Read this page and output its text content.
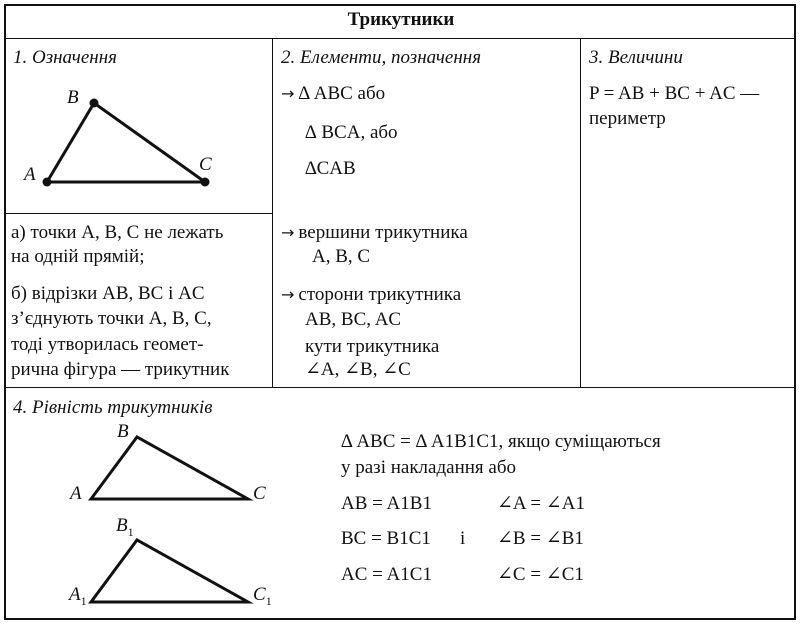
Трикутники
1. Означення
A
B
C
а) точки A, B, C не лежать
на одній прямій;
б) відрізки AB, BC і AC
з’єднують точки A, B, C,
тоді утворилась геомет-
рична фігура — трикутник
2. Елементи, позначення
→ ∆ ABC або
∆ BCA, або
∆CAB
→ вершини трикутника
A, B, C
→ сторони трикутника
AB, BC, AC
кути трикутника
∠A, ∠B, ∠C
3. Величини
P = AB + BC + AC —
периметр
4. Рівність трикутників
B
A	C
$B_1$
$A_1$	$C_1$
∆ ABC = ∆ A1B1C1, якщо суміщаються
у разі накладання або
AB = A1B1
BC = B1C1
AC = A1C1
і
∠A = ∠A1
∠B = ∠B1
∠C = ∠C1
